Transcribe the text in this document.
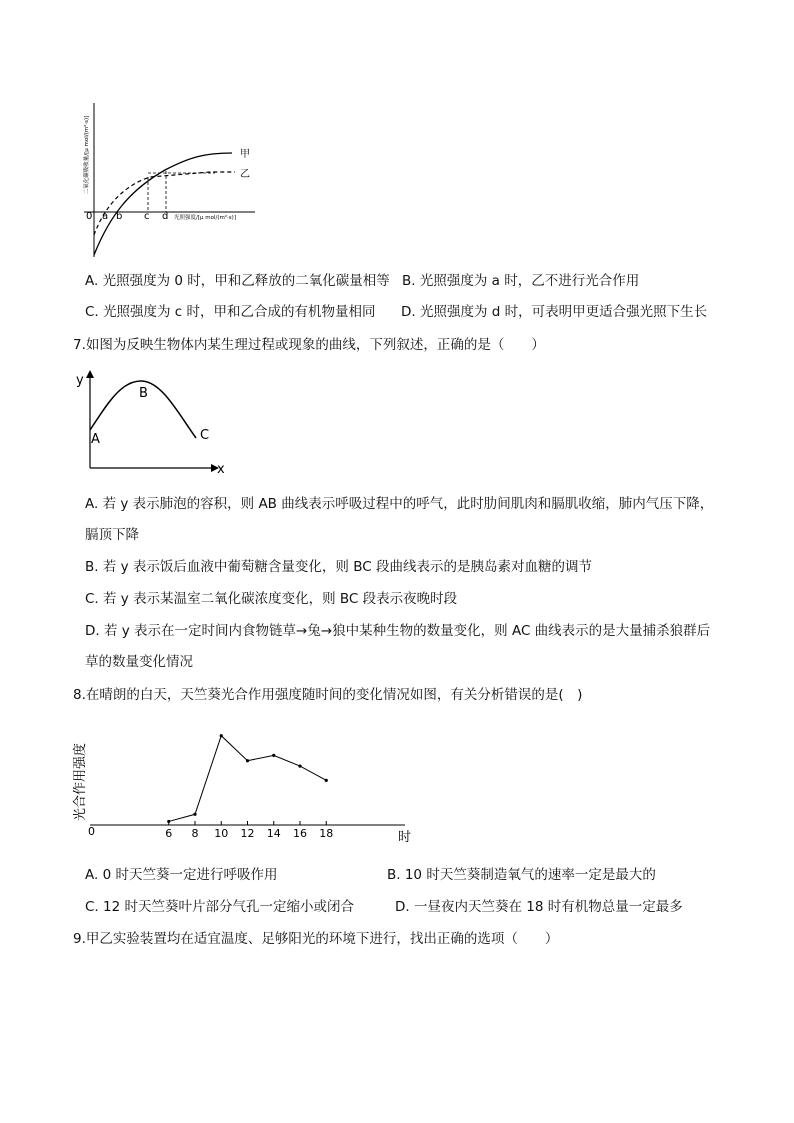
二氧化碳吸收量/[μ mol/(m²·s)]
0 a b c d 光照强度/[μ mol/(m²·s)]
甲
乙
A. 光照强度为 0 时，甲和乙释放的二氧化碳量相等 B. 光照强度为 a 时，乙不进行光合作用
C. 光照强度为 c 时，甲和乙合成的有机物量相同 D. 光照强度为 d 时，可表明甲更适合强光照下生长
7.如图为反映生物体内某生理过程或现象的曲线，下列叙述，正确的是（　　）
y
x
A
B
C
A. 若 y 表示肺泡的容积，则 AB 曲线表示呼吸过程中的呼气，此时肋间肌肉和膈肌收缩，肺内气压下降，
膈顶下降
B. 若 y 表示饭后血液中葡萄糖含量变化，则 BC 段曲线表示的是胰岛素对血糖的调节
C. 若 y 表示某温室二氧化碳浓度变化，则 BC 段表示夜晚时段
D. 若 y 表示在一定时间内食物链草→兔→狼中某种生物的数量变化，则 AC 曲线表示的是大量捕杀狼群后
草的数量变化情况
8.在晴朗的白天，天竺葵光合作用强度随时间的变化情况如图，有关分析错误的是(　)
光合作用强度
0	时
6 8 10 12 14 16 18
A. 0 时天竺葵一定进行呼吸作用	B. 10 时天竺葵制造氧气的速率一定是最大的
C. 12 时天竺葵叶片部分气孔一定缩小或闭合	D. 一昼夜内天竺葵在 18 时有机物总量一定最多
9.甲乙实验装置均在适宜温度、足够阳光的环境下进行，找出正确的选项（　　）
